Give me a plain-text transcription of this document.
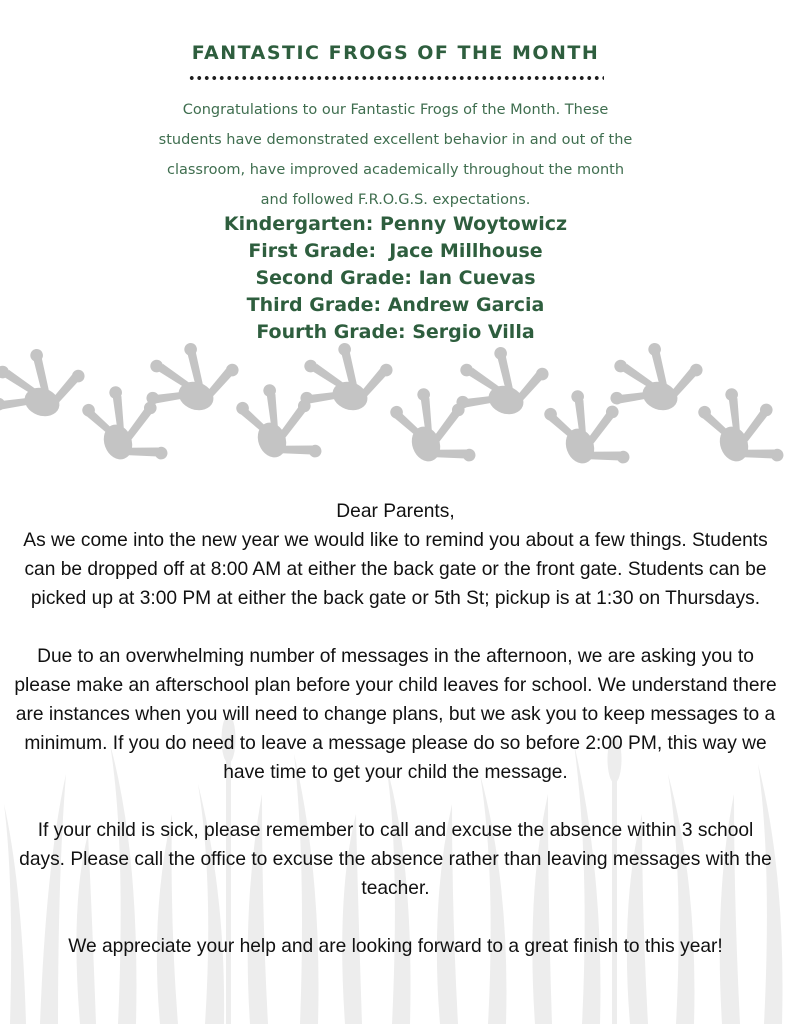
FANTASTIC FROGS OF THE MONTH
Congratulations to our Fantastic Frogs of the Month. These
students have demonstrated excellent behavior in and out of the
classroom, have improved academically throughout the month
and followed F.R.O.G.S. expectations.
Kindergarten: Penny Woytowicz
First Grade:  Jace Millhouse
Second Grade: Ian Cuevas
Third Grade: Andrew Garcia
Fourth Grade: Sergio Villa
Dear Parents,

As we come into the new year we would like to remind you about a few things. Students can be dropped off at 8:00 AM at either the back gate or the front gate. Students can be picked up at 3:00 PM at either the back gate or 5th St; pickup is at 1:30 on Thursdays.

Due to an overwhelming number of messages in the afternoon, we are asking you to please make an afterschool plan before your child leaves for school. We understand there are instances when you will need to change plans, but we ask you to keep messages to a minimum. If you do need to leave a message please do so before 2:00 PM, this way we have time to get your child the message.

If your child is sick, please remember to call and excuse the absence within 3 school days. Please call the office to excuse the absence rather than leaving messages with the teacher.

We appreciate your help and are looking forward to a great finish to this year!
